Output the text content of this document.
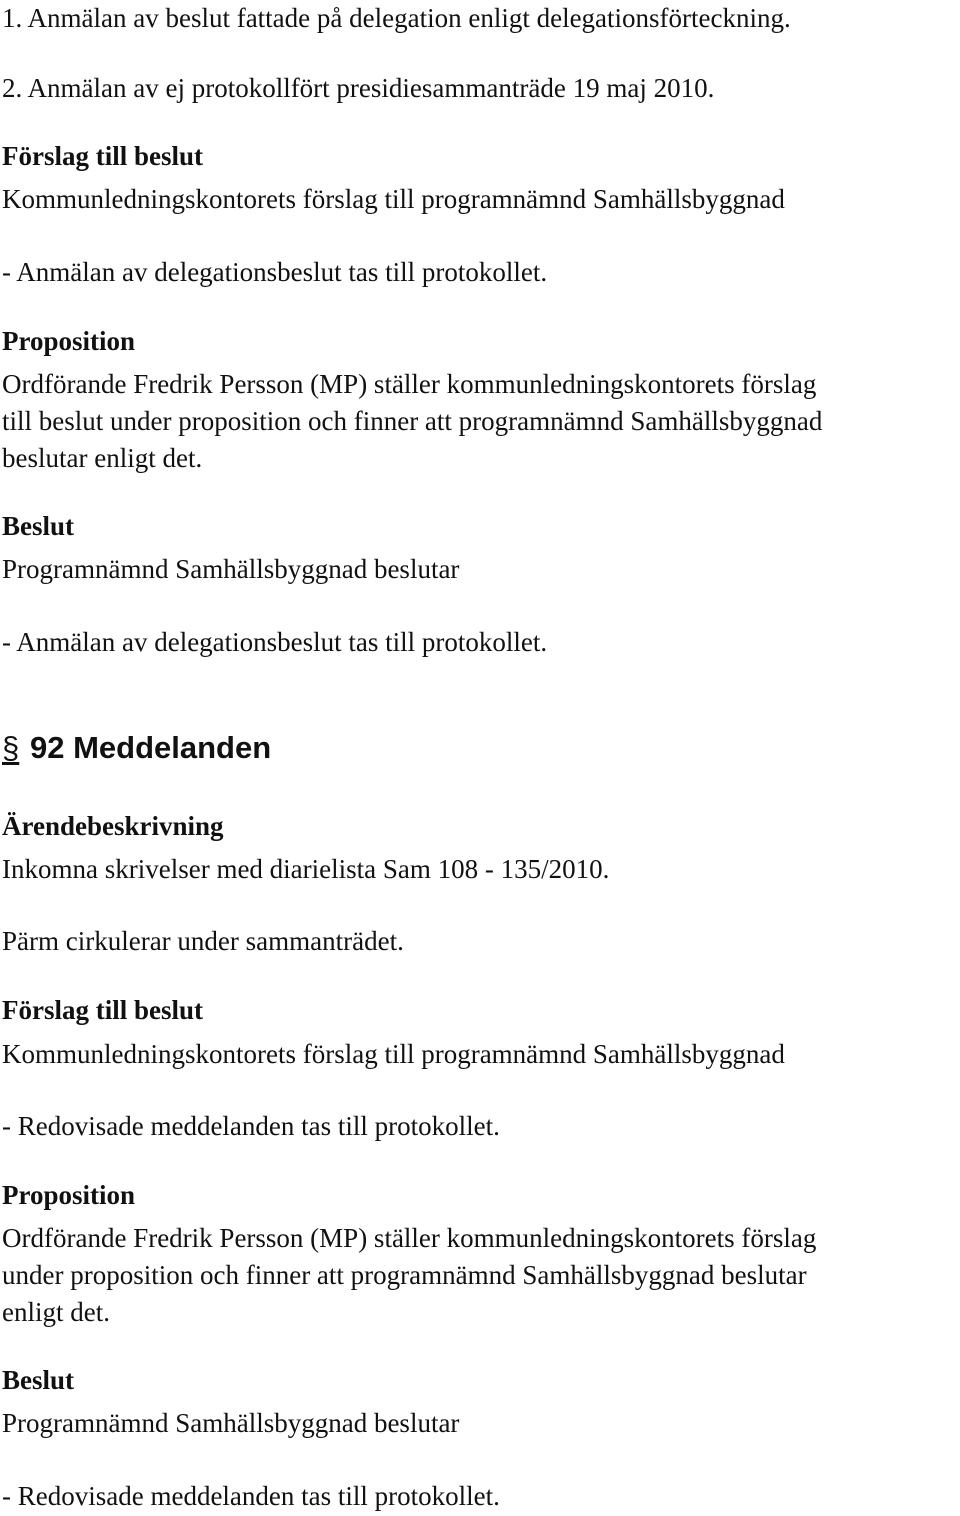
1. Anmälan av beslut fattade på delegation enligt delegationsförteckning.
2. Anmälan av ej protokollfört presidiesammanträde 19 maj 2010.
Förslag till beslut
Kommunledningskontorets förslag till programnämnd Samhällsbyggnad
- Anmälan av delegationsbeslut tas till protokollet.
Proposition
Ordförande Fredrik Persson (MP) ställer kommunledningskontorets förslag
till beslut under proposition och finner att programnämnd Samhällsbyggnad
beslutar enligt det.
Beslut
Programnämnd Samhällsbyggnad beslutar
- Anmälan av delegationsbeslut tas till protokollet.
§ 92 Meddelanden
Ärendebeskrivning
Inkomna skrivelser med diarielista Sam 108 - 135/2010.
Pärm cirkulerar under sammanträdet.
Förslag till beslut
Kommunledningskontorets förslag till programnämnd Samhällsbyggnad
- Redovisade meddelanden tas till protokollet.
Proposition
Ordförande Fredrik Persson (MP) ställer kommunledningskontorets förslag
under proposition och finner att programnämnd Samhällsbyggnad beslutar
enligt det.
Beslut
Programnämnd Samhällsbyggnad beslutar
- Redovisade meddelanden tas till protokollet.
